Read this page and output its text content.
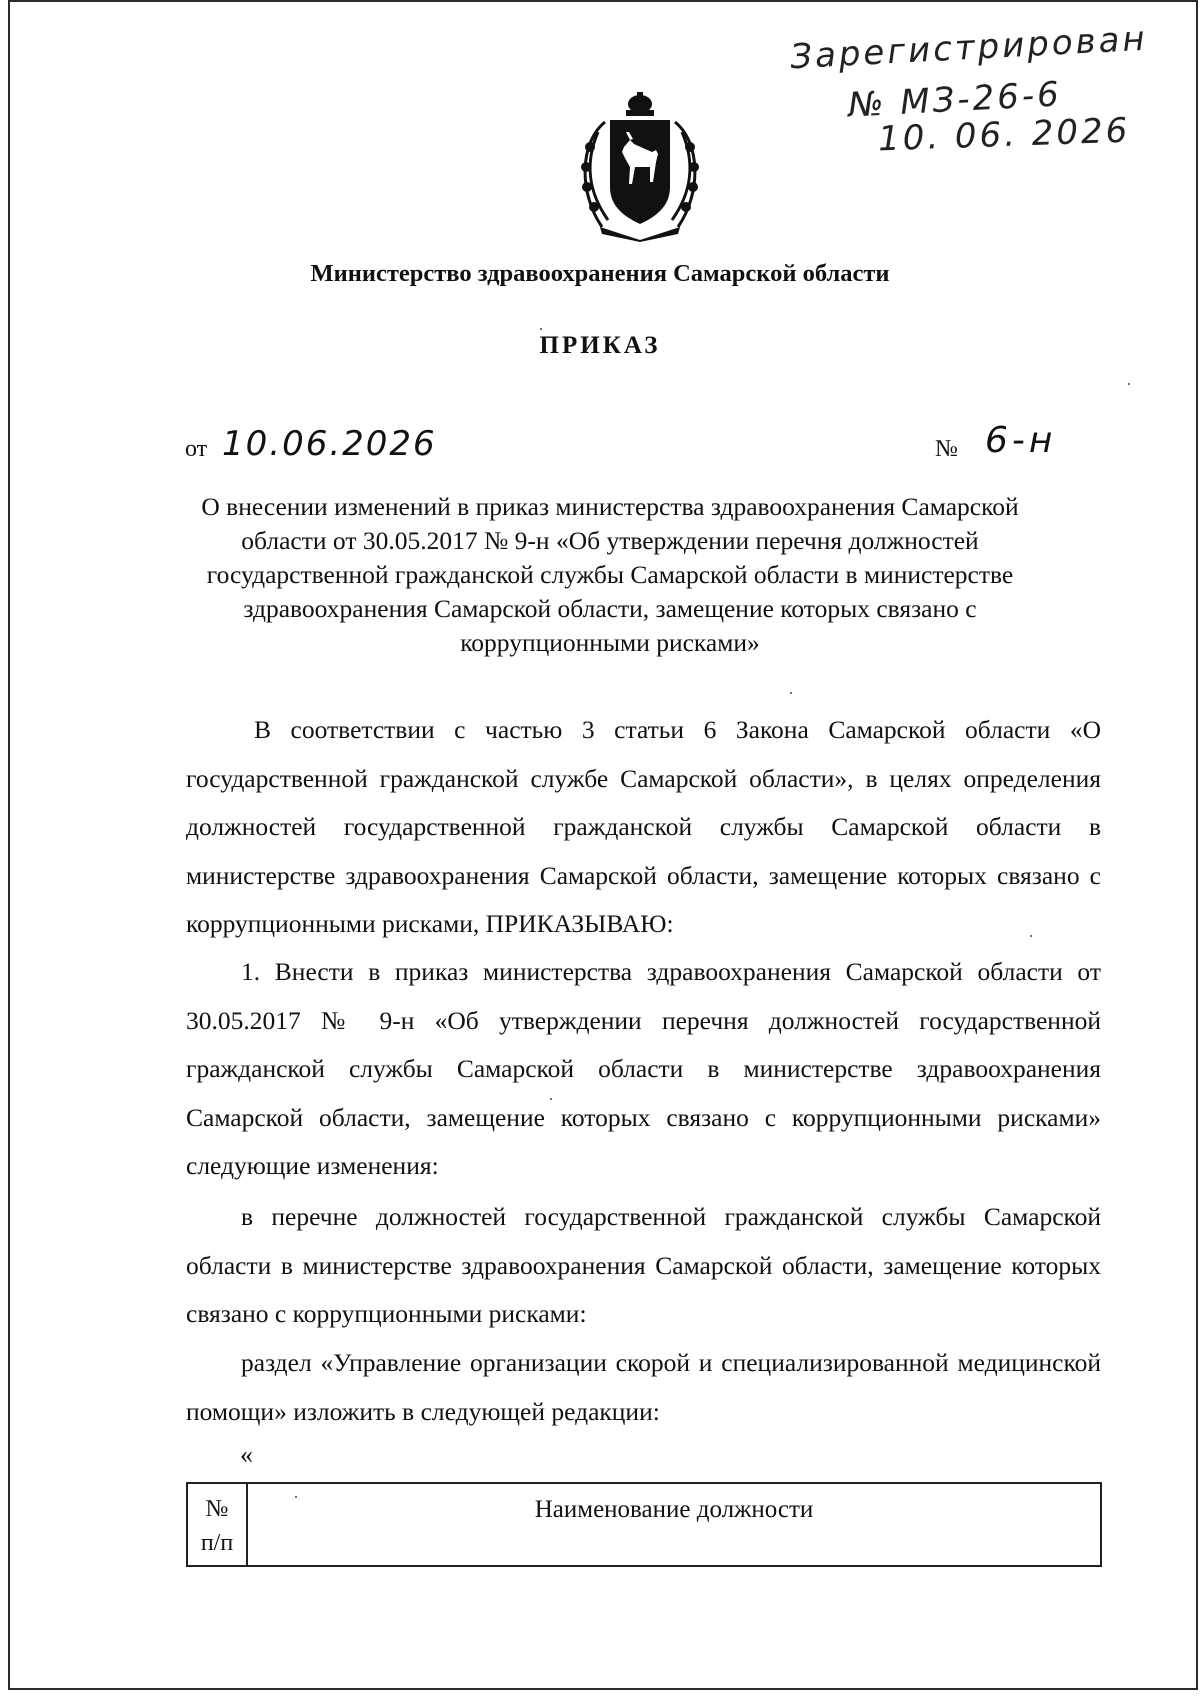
Зарегистрирован
№ МЗ-26-6
10. 06. 2026
Министерство здравоохранения Самарской области
ПРИКАЗ
от 10.06.2026	№ 6-н
О внесении изменений в приказ министерства здравоохранения Самарской области от 30.05.2017 № 9-н «Об утверждении перечня должностей государственной гражданской службы Самарской области в министерстве здравоохранения Самарской области, замещение которых связано с коррупционными рисками»
В соответствии с частью 3 статьи 6 Закона Самарской области «О государственной гражданской службе Самарской области», в целях определения должностей государственной гражданской службы Самарской области в министерстве здравоохранения Самарской области, замещение которых связано с коррупционными рисками, ПРИКАЗЫВАЮ:
1. Внести в приказ министерства здравоохранения Самарской области от 30.05.2017 № 9-н «Об утверждении перечня должностей государственной гражданской службы Самарской области в министерстве здравоохранения Самарской области, замещение которых связано с коррупционными рисками» следующие изменения:
в перечне должностей государственной гражданской службы Самарской области в министерстве здравоохранения Самарской области, замещение которых связано с коррупционными рисками:
раздел «Управление организации скорой и специализированной медицинской помощи» изложить в следующей редакции:
«
№
п/п
Наименование должности
